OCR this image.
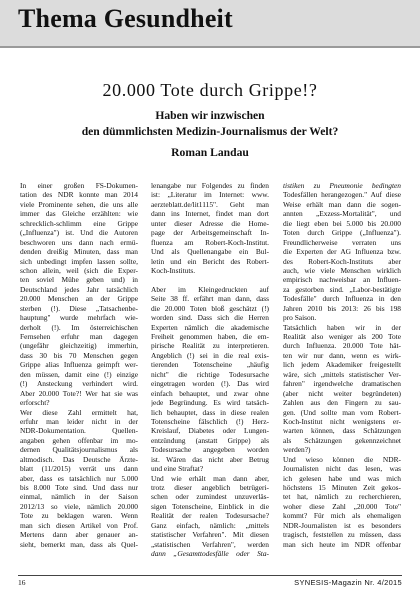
Thema Gesundheit
20.000 Tote durch Grippe!?
Haben wir inzwischen
den dümmlichsten Medizin-Journalismus der Welt?
Roman Landau
In einer großen FS-Dokumen-
tation des NDR konnte man 2014
viele Prominente sehen, die uns alle
immer das Gleiche erzählten: wie
schrecklich-schlimm eine Grippe
(„Influenza") ist. Und die Autoren
beschworen uns dann nach ermü-
denden dreißig Minuten, dass man
sich unbedingt impfen lassen sollte,
schon allein, weil (sich die Exper-
ten soviel Mühe geben und) in
Deutschland jedes Jahr tatsächlich
20.000 Menschen an der Grippe
sterben (!). Diese „Tatsachenbe-
hauptung" wurde mehrfach wie-
derholt (!). Im österreichischen
Fernsehen erfuhr man dagegen
(ungefähr gleichzeitig) immerhin,
dass 30 bis 70 Menschen gegen
Grippe alias Influenza geimpft wer-
den müssen, damit eine (!) einzige
(!) Ansteckung verhindert wird.
Aber 20.000 Tote?! Wer hat sie was
erforscht?
Wer diese Zahl ermittelt hat,
erfuhr man leider nicht in der
NDR-Dokumentation. Quellen-
angaben gehen offenbar im mo-
dernen Qualitätsjournalismus als
altmodisch. Das Deutsche Ärzte-
blatt (11/2015) verrät uns dann
aber, dass es tatsächlich nur 5.000
bis 8.000 Tote sind. Und dass nur
einmal, nämlich in der Saison
2012/13 so viele, nämlich 20.000
Tote zu beklagen waren. Wenn
man sich diesen Artikel von Prof.
Mertens dann aber genauer an-
sieht, bemerkt man, dass als Quel-
lenangabe nur Folgendes zu finden
ist: „Literatur im Internet: www.
aerzteblatt.de/lit1115". Geht man
dann ins Internet, findet man dort
unter dieser Adresse die Home-
page der Arbeitsgemeinschaft In-
fluenza am Robert-Koch-Institut.
Und als Quellenangabe ein Bul-
letin und ein Bericht des Robert-
Koch-Instituts.
Aber im Kleingedruckten auf
Seite 38 ff. erfährt man dann, dass
die 20.000 Toten bloß geschätzt (!)
worden sind. Dass sich die Herren
Experten nämlich die akademische
Freiheit genommen haben, die em-
pirische Realität zu interpretieren.
Angeblich (!) sei in die real exis-
tierenden Totenscheine „häufig
nicht" die richtige Todesursache
eingetragen worden (!). Das wird
einfach behauptet, und zwar ohne
jede Begründung. Es wird tatsäch-
lich behauptet, dass in diese realen
Totenscheine fälschlich (!) Herz-
Kreislauf, Diabetes oder Lungen-
entzündung (anstatt Grippe) als
Todesursache angegeben worden
ist. Wären das nicht aber Betrug
und eine Straftat?
Und wie erhält man dann aber,
trotz dieser angeblich betrügeri-
schen oder zumindest unzuverläs-
sigen Totenscheine, Einblick in die
Realität der realen Todesursache?
Ganz einfach, nämlich: „mittels
statistischer Verfahren". Mit diesen
„statistischen Verfahren", werden
dann „Gesamttodesfälle oder Sta-
tistiken zu Pneumonie bedingten
Todesfällen herangezogen." Auf diese
Weise erhält man dann die sogen-
annten „Exzess-Mortalität", und
die liegt eben bei 5.000 bis 20.000
Toten durch Grippe („Influenza").
Freundlicherweise verraten uns
die Experten der AG Influenza bzw.
des Robert-Koch-Instituts aber
auch, wie viele Menschen wirklich
empirisch nachweisbar an Influen-
za gestorben sind. „Labor-bestätigte
Todesfälle" durch Influenza in den
Jahren 2010 bis 2013: 26 bis 198
pro Saison.
Tatsächlich haben wir in der
Realität also weniger als 200 Tote
durch Influenza. 20.000 Tote hät-
ten wir nur dann, wenn es wirk-
lich jedem Akademiker freigestellt
wäre, sich „mittels statistischer Ver-
fahren" irgendwelche dramatischen
(aber nicht weiter begründeten)
Zahlen aus den Fingern zu sau-
gen. (Und sollte man vom Robert-
Koch-Institut nicht wenigstens er-
warten können, dass Schätzungen
als Schätzungen gekennzeichnet
werden?)
Und wieso können die NDR-
Journalisten nicht das lesen, was
ich gelesen habe und was mich
höchstens 15 Minuten Zeit gekos-
tet hat, nämlich zu recherchieren,
woher diese Zahl „20.000 Tote"
kommt? Für mich als ehemaligen
NDR-Journalisten ist es besonders
tragisch, feststellen zu müssen, dass
man sich heute im NDR offenbar
16	SYNESIS-Magazin Nr. 4/2015
